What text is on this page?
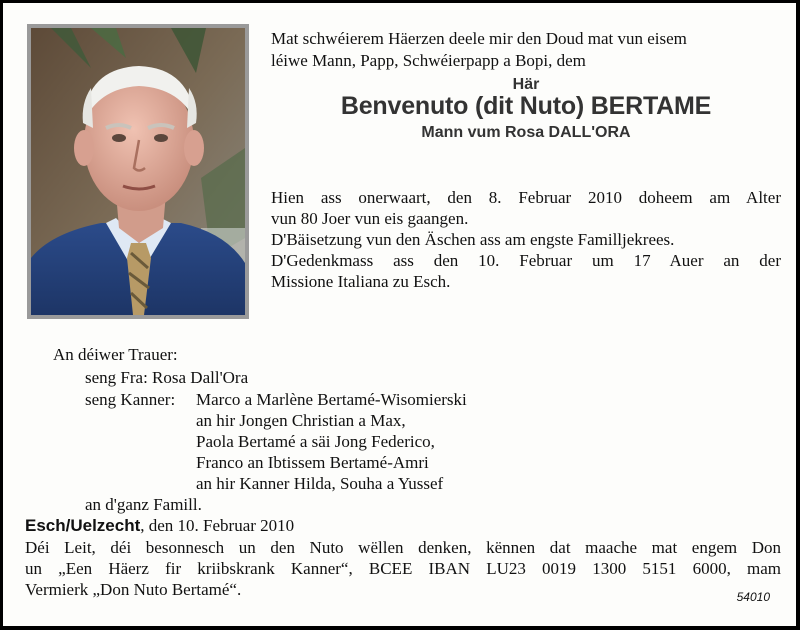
Mat schwéierem Häerzen deele mir den Doud mat vun eisem
léiwe Mann, Papp, Schwéierpapp a Bopi, dem
Här
Benvenuto (dit Nuto) BERTAME
Mann vum Rosa DALL'ORA

Hien ass onerwaart, den 8. Februar 2010 doheem am Alter

vun 80 Joer vun eis gaangen.

D'Bäisetzung vun den Äschen ass am engste Familljekrees.

D'Gedenkmass ass den 10. Februar um 17 Auer an der

Missione Italiana zu Esch.

An déiwer Trauer:
seng Fra: Rosa Dall'Ora
seng Kanner: Marco a Marlène Bertamé-Wisomierski
an hir Jongen Christian a Max,
Paola Bertamé a säi Jong Federico,
Franco an Ibtissem Bertamé-Amri
an hir Kanner Hilda, Souha a Yussef
an d'ganz Famill.
Esch/Uelzecht, den 10. Februar 2010

Déi Leit, déi besonnesch un den Nuto wëllen denken, kënnen dat maache mat engem Don

un „Een Häerz fir kriibskrank Kanner“, BCEE IBAN LU23 0019 1300 5151 6000, mam

Vermierk „Don Nuto Bertamé“.	54010
